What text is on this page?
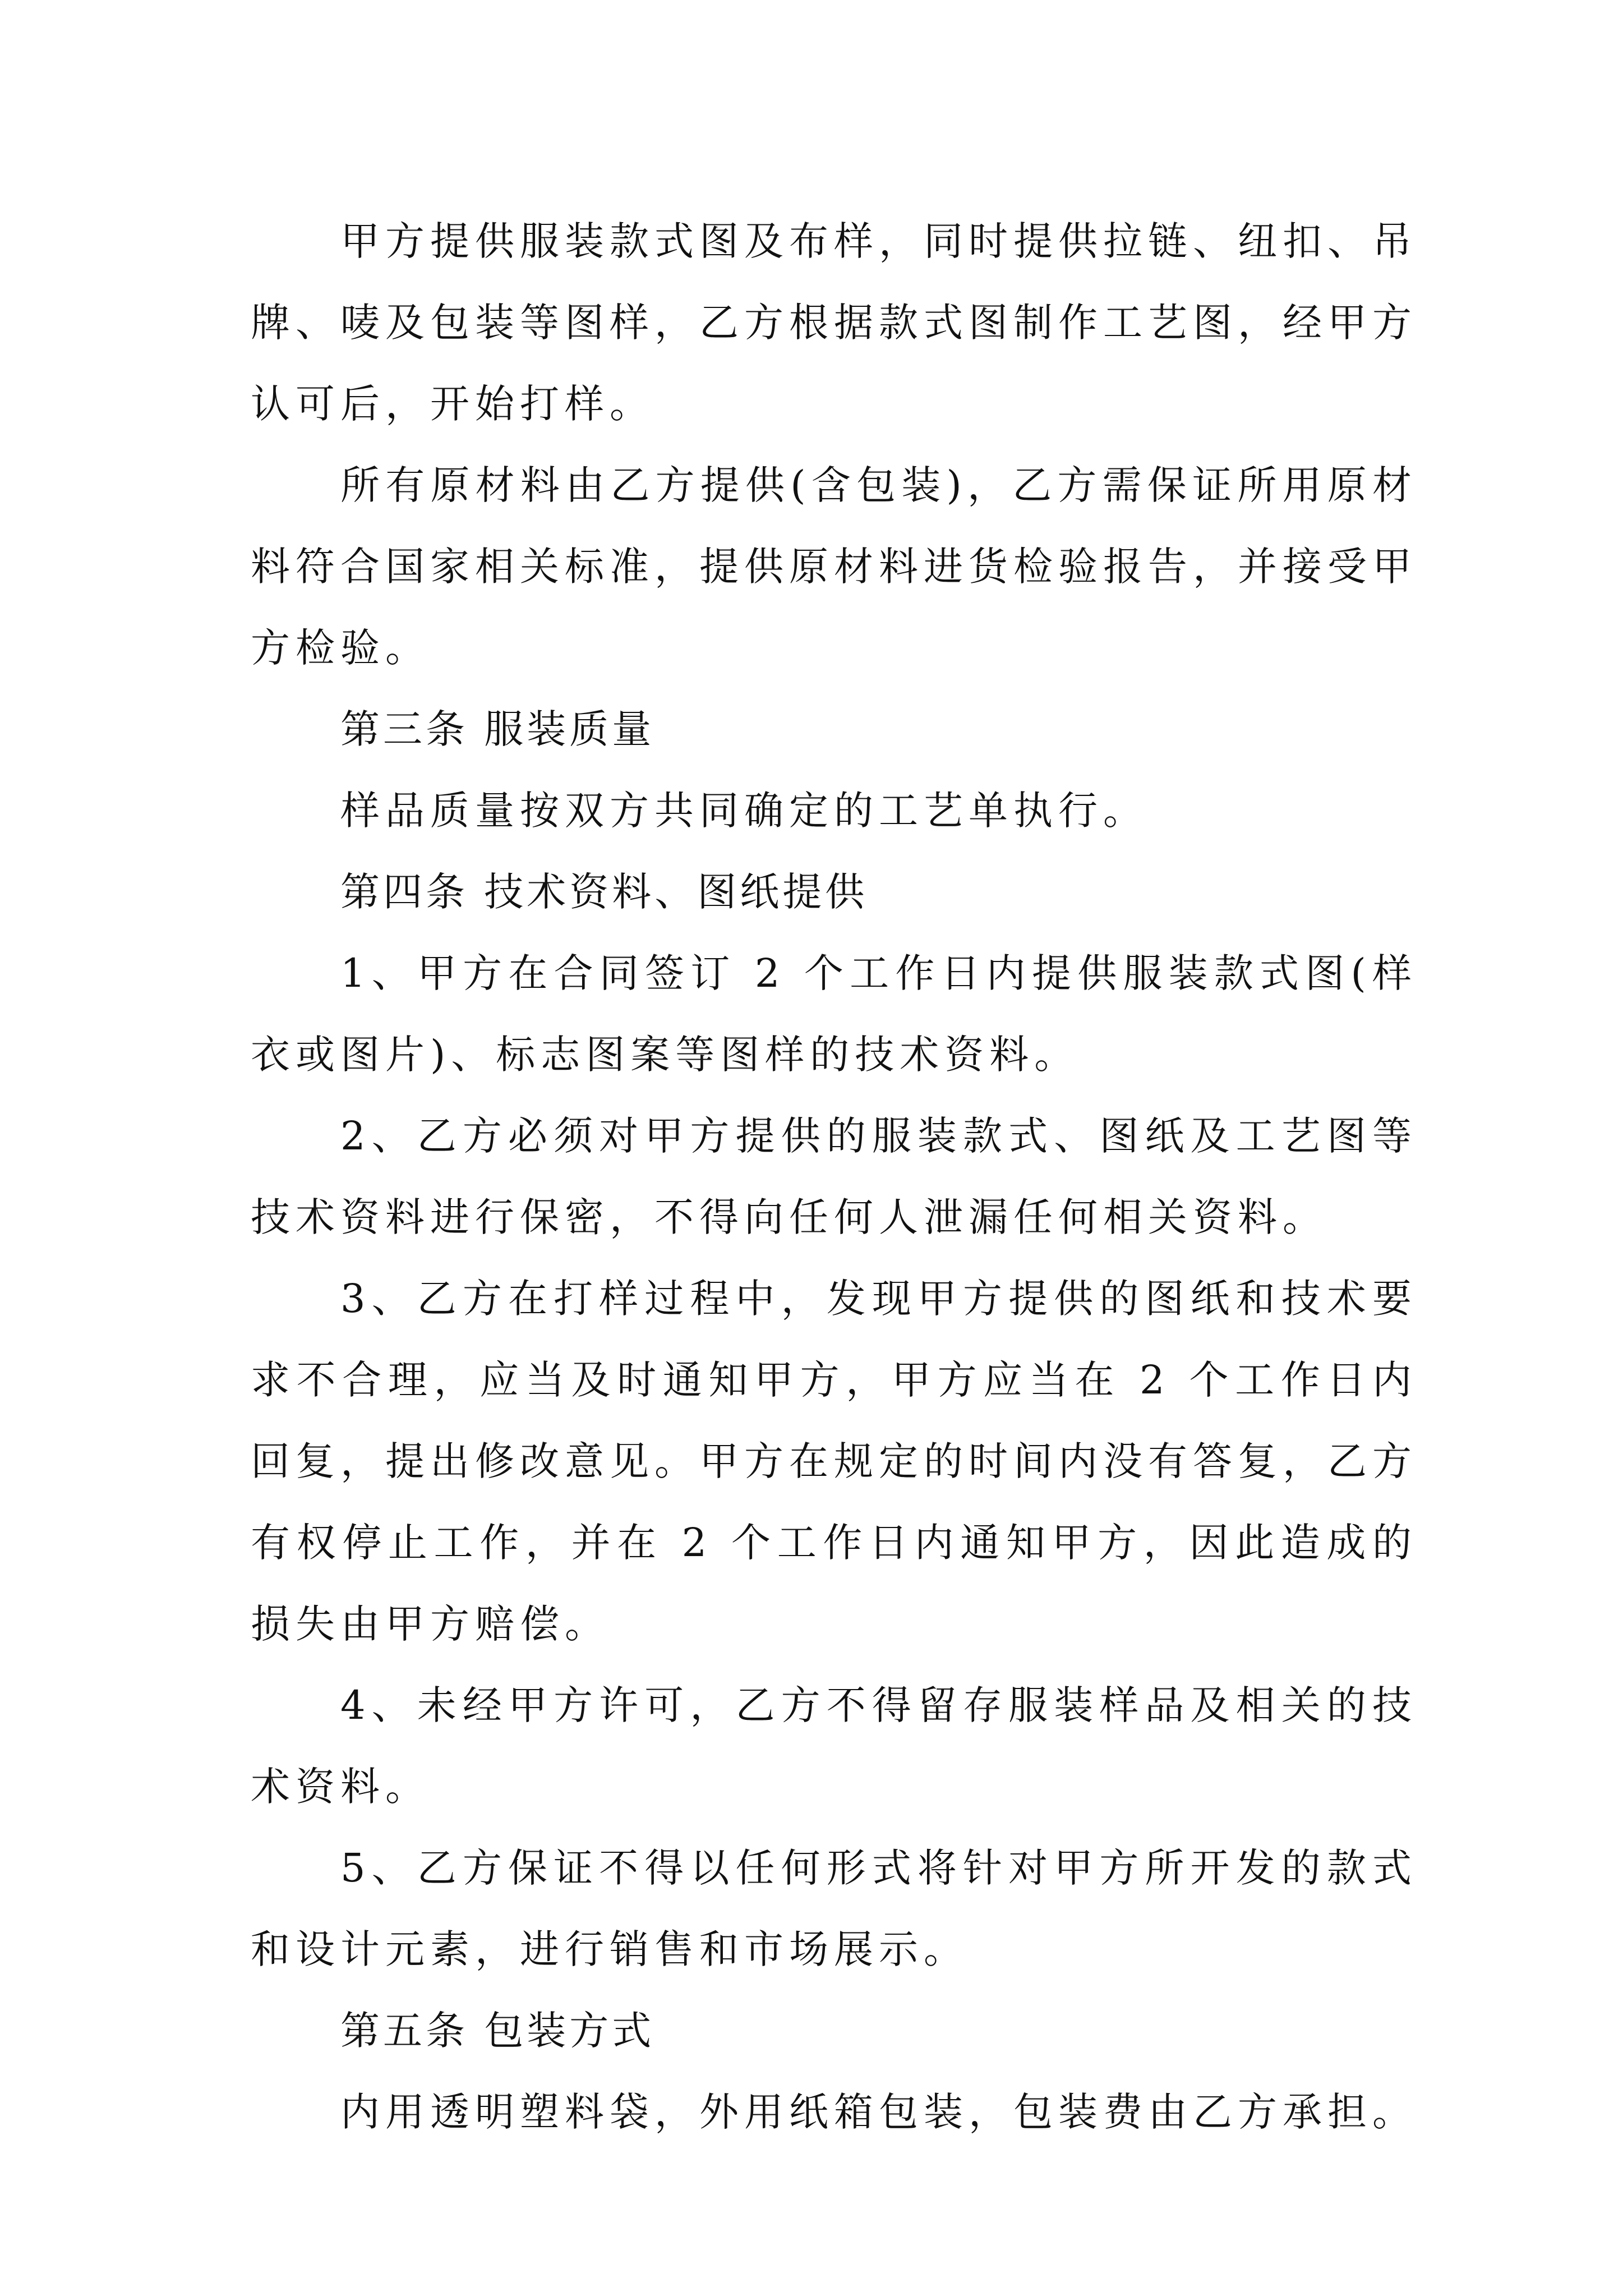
甲方提供服装款式图及布样，同时提供拉链、纽扣、吊牌、唛及包装等图样，乙方根据款式图制作工艺图，经甲方认可后，开始打样。

所有原材料由乙方提供(含包装)，乙方需保证所用原材料符合国家相关标准，提供原材料进货检验报告，并接受甲方检验。

第三条 服装质量

样品质量按双方共同确定的工艺单执行。

第四条 技术资料、图纸提供

1、甲方在合同签订 2 个工作日内提供服装款式图(样衣或图片)、标志图案等图样的技术资料。

2、乙方必须对甲方提供的服装款式、图纸及工艺图等技术资料进行保密，不得向任何人泄漏任何相关资料。

3、乙方在打样过程中，发现甲方提供的图纸和技术要求不合理，应当及时通知甲方，甲方应当在 2 个工作日内回复，提出修改意见。甲方在规定的时间内没有答复，乙方有权停止工作，并在 2 个工作日内通知甲方，因此造成的损失由甲方赔偿。

4、未经甲方许可，乙方不得留存服装样品及相关的技术资料。

5、乙方保证不得以任何形式将针对甲方所开发的款式和设计元素，进行销售和市场展示。

第五条 包装方式

内用透明塑料袋，外用纸箱包装，包装费由乙方承担。
